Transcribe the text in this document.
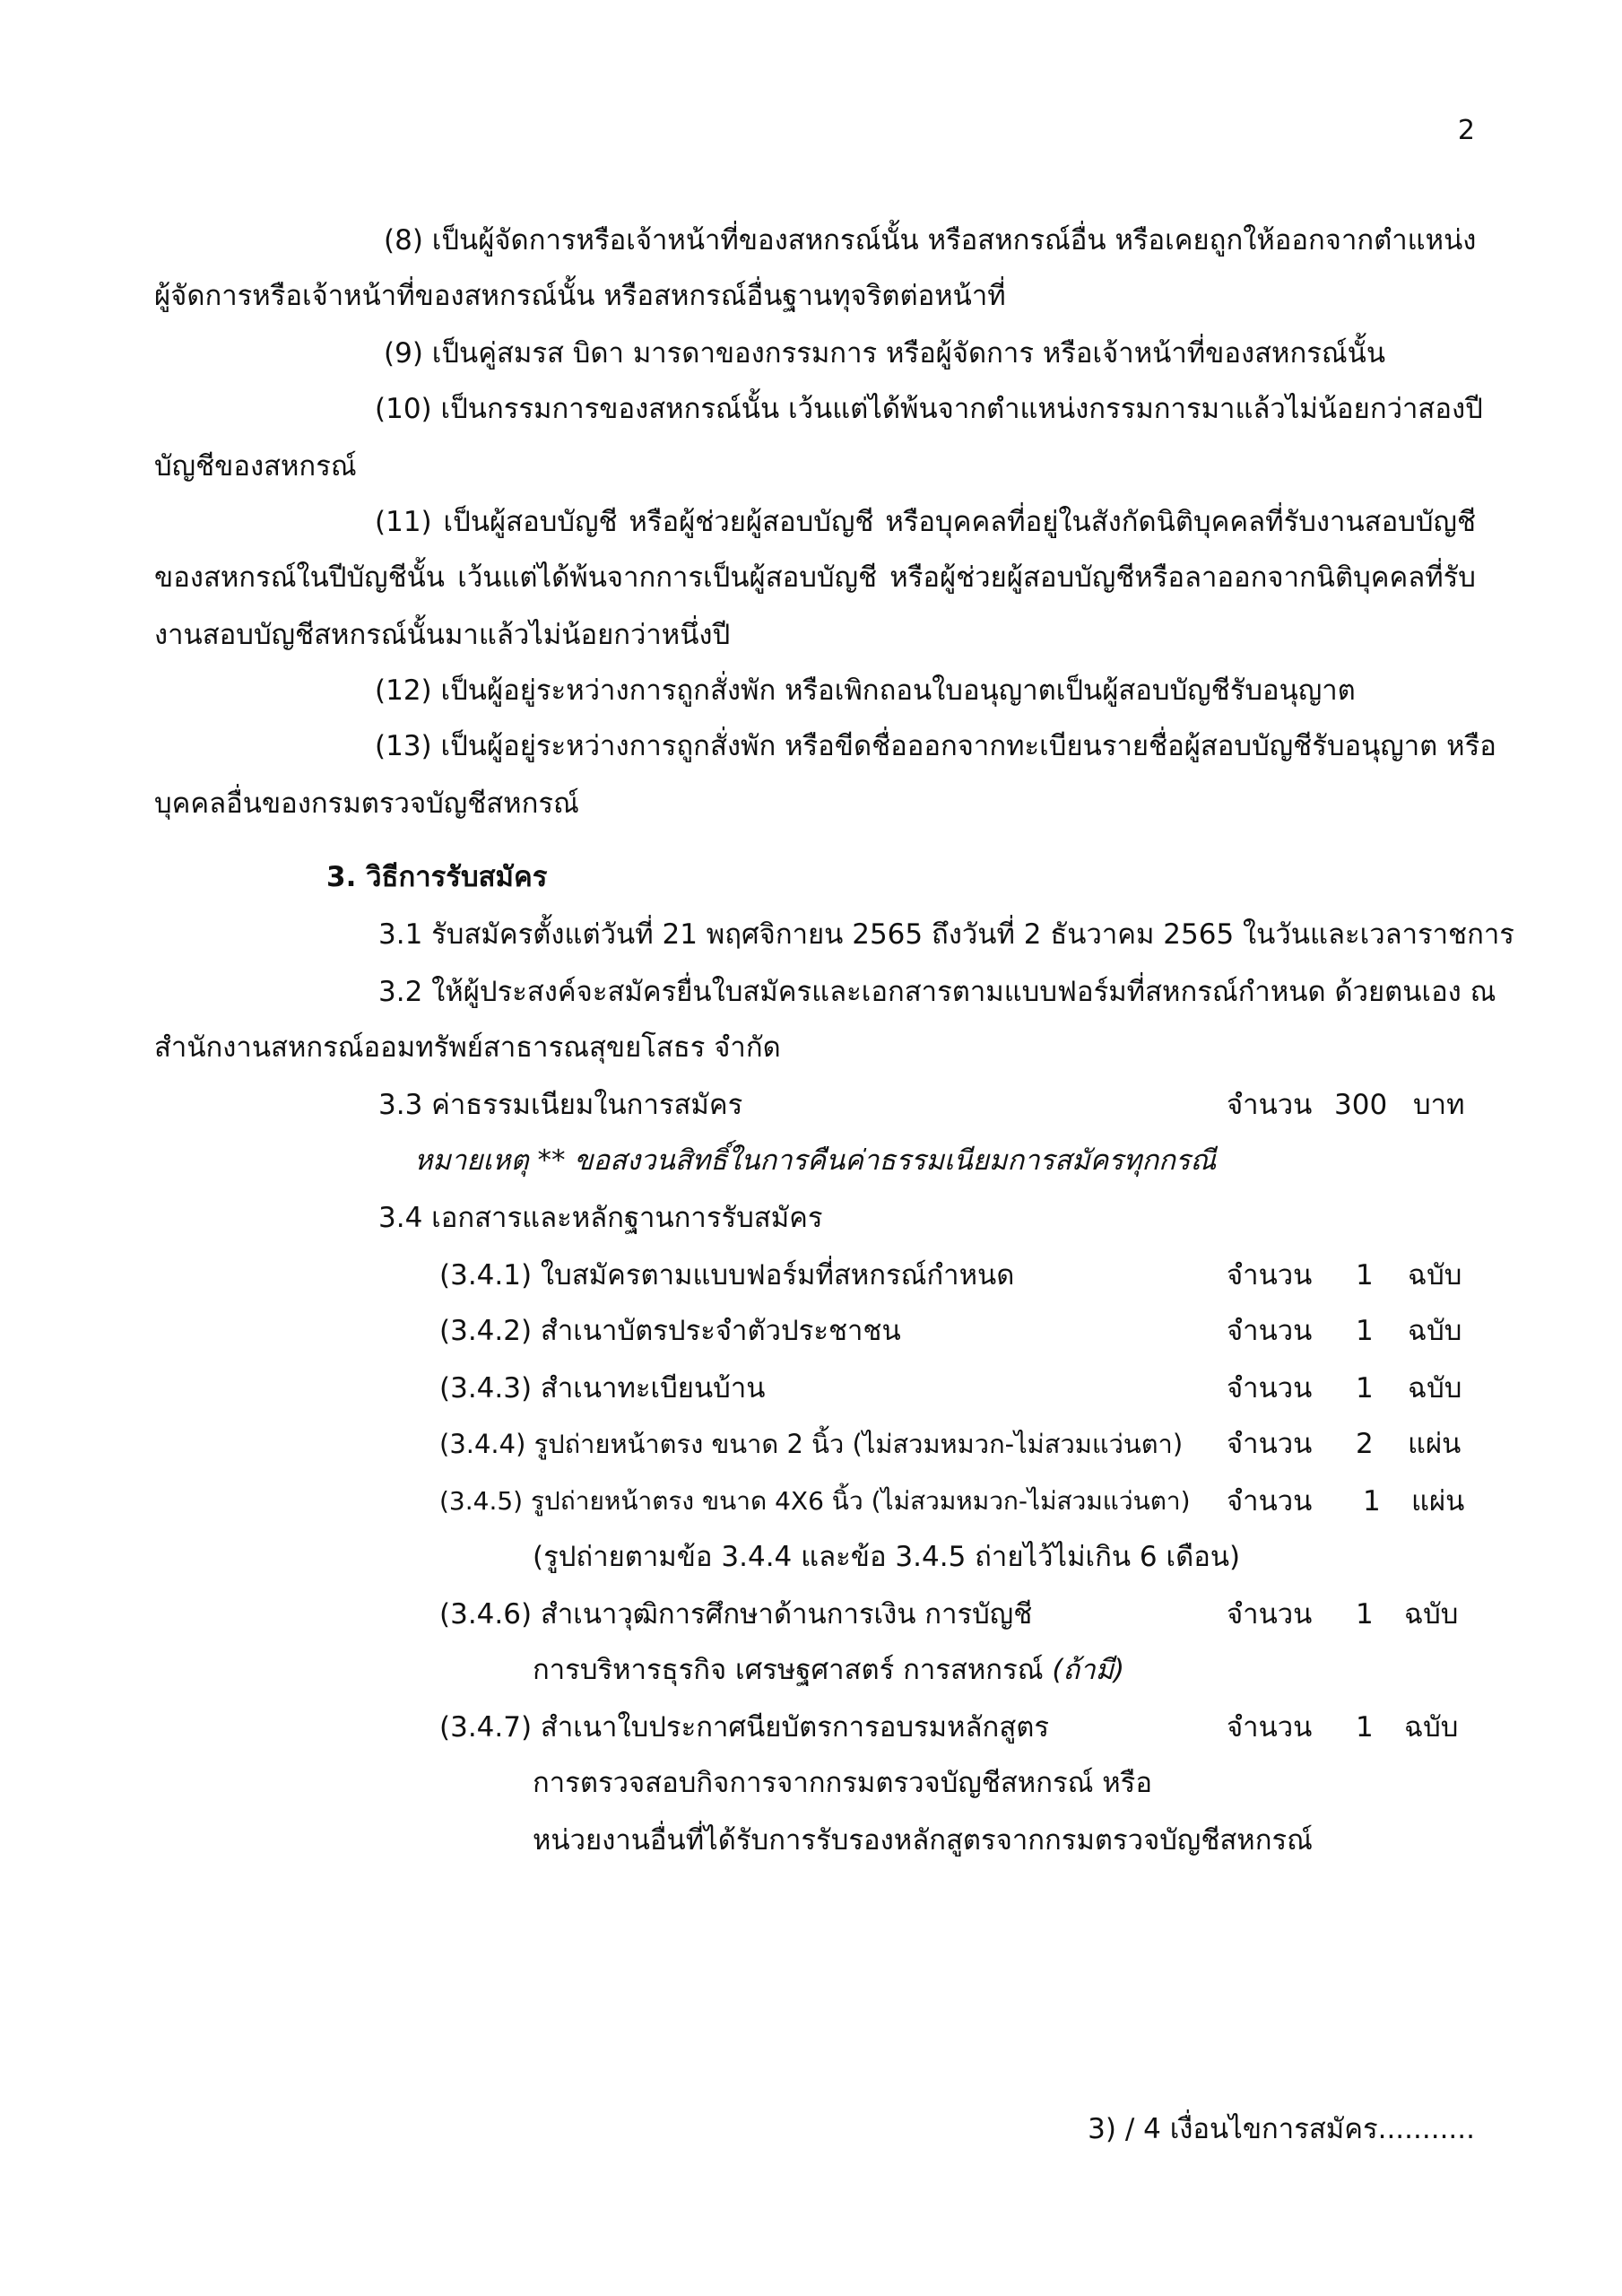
2
(8) เป็นผู้จัดการหรือเจ้าหน้าที่ของสหกรณ์นั้น หรือสหกรณ์อื่น หรือเคยถูกให้ออกจากตำแหน่ง
ผู้จัดการหรือเจ้าหน้าที่ของสหกรณ์นั้น หรือสหกรณ์อื่นฐานทุจริตต่อหน้าที่
(9) เป็นคู่สมรส บิดา มารดาของกรรมการ หรือผู้จัดการ หรือเจ้าหน้าที่ของสหกรณ์นั้น
(10) เป็นกรรมการของสหกรณ์นั้น เว้นแต่ได้พ้นจากตำแหน่งกรรมการมาแล้วไม่น้อยกว่าสองปี
บัญชีของสหกรณ์
(11) เป็นผู้สอบบัญชี หรือผู้ช่วยผู้สอบบัญชี หรือบุคคลที่อยู่ในสังกัดนิติบุคคลที่รับงานสอบบัญชี
ของสหกรณ์ในปีบัญชีนั้น เว้นแต่ได้พ้นจากการเป็นผู้สอบบัญชี หรือผู้ช่วยผู้สอบบัญชีหรือลาออกจากนิติบุคคลที่รับ
งานสอบบัญชีสหกรณ์นั้นมาแล้วไม่น้อยกว่าหนึ่งปี
(12) เป็นผู้อยู่ระหว่างการถูกสั่งพัก หรือเพิกถอนใบอนุญาตเป็นผู้สอบบัญชีรับอนุญาต
(13) เป็นผู้อยู่ระหว่างการถูกสั่งพัก หรือขีดชื่อออกจากทะเบียนรายชื่อผู้สอบบัญชีรับอนุญาต หรือ
บุคคลอื่นของกรมตรวจบัญชีสหกรณ์
3. วิธีการรับสมัคร
3.1 รับสมัครตั้งแต่วันที่ 21 พฤศจิกายน 2565 ถึงวันที่ 2 ธันวาคม 2565 ในวันและเวลาราชการ
3.2 ให้ผู้ประสงค์จะสมัครยื่นใบสมัครและเอกสารตามแบบฟอร์มที่สหกรณ์กำหนด ด้วยตนเอง ณ
สำนักงานสหกรณ์ออมทรัพย์สาธารณสุขยโสธร จำกัด
3.3 ค่าธรรมเนียมในการสมัคร	จำนวน 300 บาท
หมายเหตุ ** ขอสงวนสิทธิ์ในการคืนค่าธรรมเนียมการสมัครทุกกรณี
3.4 เอกสารและหลักฐานการรับสมัคร
(3.4.1) ใบสมัครตามแบบฟอร์มที่สหกรณ์กำหนด	จำนวน 1 ฉบับ
(3.4.2) สำเนาบัตรประจำตัวประชาชน	จำนวน 1 ฉบับ
(3.4.3) สำเนาทะเบียนบ้าน	จำนวน 1 ฉบับ
(3.4.4) รูปถ่ายหน้าตรง ขนาด 2 นิ้ว (ไม่สวมหมวก-ไม่สวมแว่นตา) จำนวน 2 แผ่น
(3.4.5) รูปถ่ายหน้าตรง ขนาด 4X6 นิ้ว (ไม่สวมหมวก-ไม่สวมแว่นตา) จำนวน 1 แผ่น
(รูปถ่ายตามข้อ 3.4.4 และข้อ 3.4.5 ถ่ายไว้ไม่เกิน 6 เดือน)
(3.4.6) สำเนาวุฒิการศึกษาด้านการเงิน การบัญชี	จำนวน 1 ฉบับ
การบริหารธุรกิจ เศรษฐศาสตร์ การสหกรณ์ (ถ้ามี)
(3.4.7) สำเนาใบประกาศนียบัตรการอบรมหลักสูตร	จำนวน 1 ฉบับ
การตรวจสอบกิจการจากกรมตรวจบัญชีสหกรณ์ หรือ
หน่วยงานอื่นที่ได้รับการรับรองหลักสูตรจากกรมตรวจบัญชีสหกรณ์
3) / 4 เงื่อนไขการสมัคร...........
